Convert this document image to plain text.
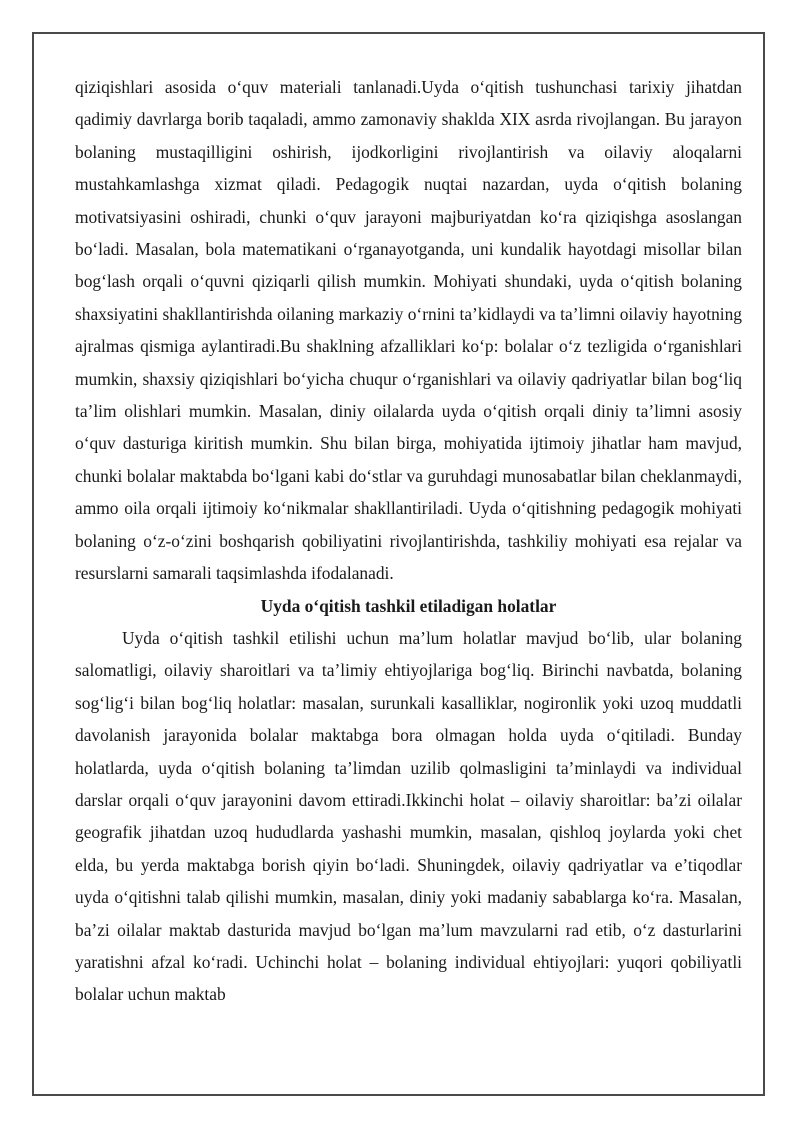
qiziqishlari asosida o‘quv materiali tanlanadi.Uyda o‘qitish tushunchasi tarixiy jihatdan qadimiy davrlarga borib taqaladi, ammo zamonaviy shaklda XIX asrda rivojlangan. Bu jarayon bolaning mustaqilligini oshirish, ijodkorligini rivojlantirish va oilaviy aloqalarni mustahkamlashga xizmat qiladi. Pedagogik nuqtai nazardan, uyda o‘qitish bolaning motivatsiyasini oshiradi, chunki o‘quv jarayoni majburiyatdan ko‘ra qiziqishga asoslangan bo‘ladi. Masalan, bola matematikani o‘rganayotganda, uni kundalik hayotdagi misollar bilan bog‘lash orqali o‘quvni qiziqarli qilish mumkin. Mohiyati shundaki, uyda o‘qitish bolaning shaxsiyatini shakllantirishda oilaning markaziy o‘rnini ta’kidlaydi va ta’limni oilaviy hayotning ajralmas qismiga aylantiradi.Bu shaklning afzalliklari ko‘p: bolalar o‘z tezligida o‘rganishlari mumkin, shaxsiy qiziqishlari bo‘yicha chuqur o‘rganishlari va oilaviy qadriyatlar bilan bog‘liq ta’lim olishlari mumkin. Masalan, diniy oilalarda uyda o‘qitish orqali diniy ta’limni asosiy o‘quv dasturiga kiritish mumkin. Shu bilan birga, mohiyatida ijtimoiy jihatlar ham mavjud, chunki bolalar maktabda bo‘lgani kabi do‘stlar va guruhdagi munosabatlar bilan cheklanmaydi, ammo oila orqali ijtimoiy ko‘nikmalar shakllantiriladi. Uyda o‘qitishning pedagogik mohiyati bolaning o‘z-o‘zini boshqarish qobiliyatini rivojlantirishda, tashkiliy mohiyati esa rejalar va resurslarni samarali taqsimlashda ifodalanadi.

Uyda o‘qitish tashkil etiladigan holatlar

Uyda o‘qitish tashkil etilishi uchun ma’lum holatlar mavjud bo‘lib, ular bolaning salomatligi, oilaviy sharoitlari va ta’limiy ehtiyojlariga bog‘liq. Birinchi navbatda, bolaning sog‘lig‘i bilan bog‘liq holatlar: masalan, surunkali kasalliklar, nogironlik yoki uzoq muddatli davolanish jarayonida bolalar maktabga bora olmagan holda uyda o‘qitiladi. Bunday holatlarda, uyda o‘qitish bolaning ta’limdan uzilib qolmasligini ta’minlaydi va individual darslar orqali o‘quv jarayonini davom ettiradi.Ikkinchi holat – oilaviy sharoitlar: ba’zi oilalar geografik jihatdan uzoq hududlarda yashashi mumkin, masalan, qishloq joylarda yoki chet elda, bu yerda maktabga borish qiyin bo‘ladi. Shuningdek, oilaviy qadriyatlar va e’tiqodlar uyda o‘qitishni talab qilishi mumkin, masalan, diniy yoki madaniy sabablarga ko‘ra. Masalan, ba’zi oilalar maktab dasturida mavjud bo‘lgan ma’lum mavzularni rad etib, o‘z dasturlarini yaratishni afzal ko‘radi. Uchinchi holat – bolaning individual ehtiyojlari: yuqori qobiliyatli bolalar uchun maktab
